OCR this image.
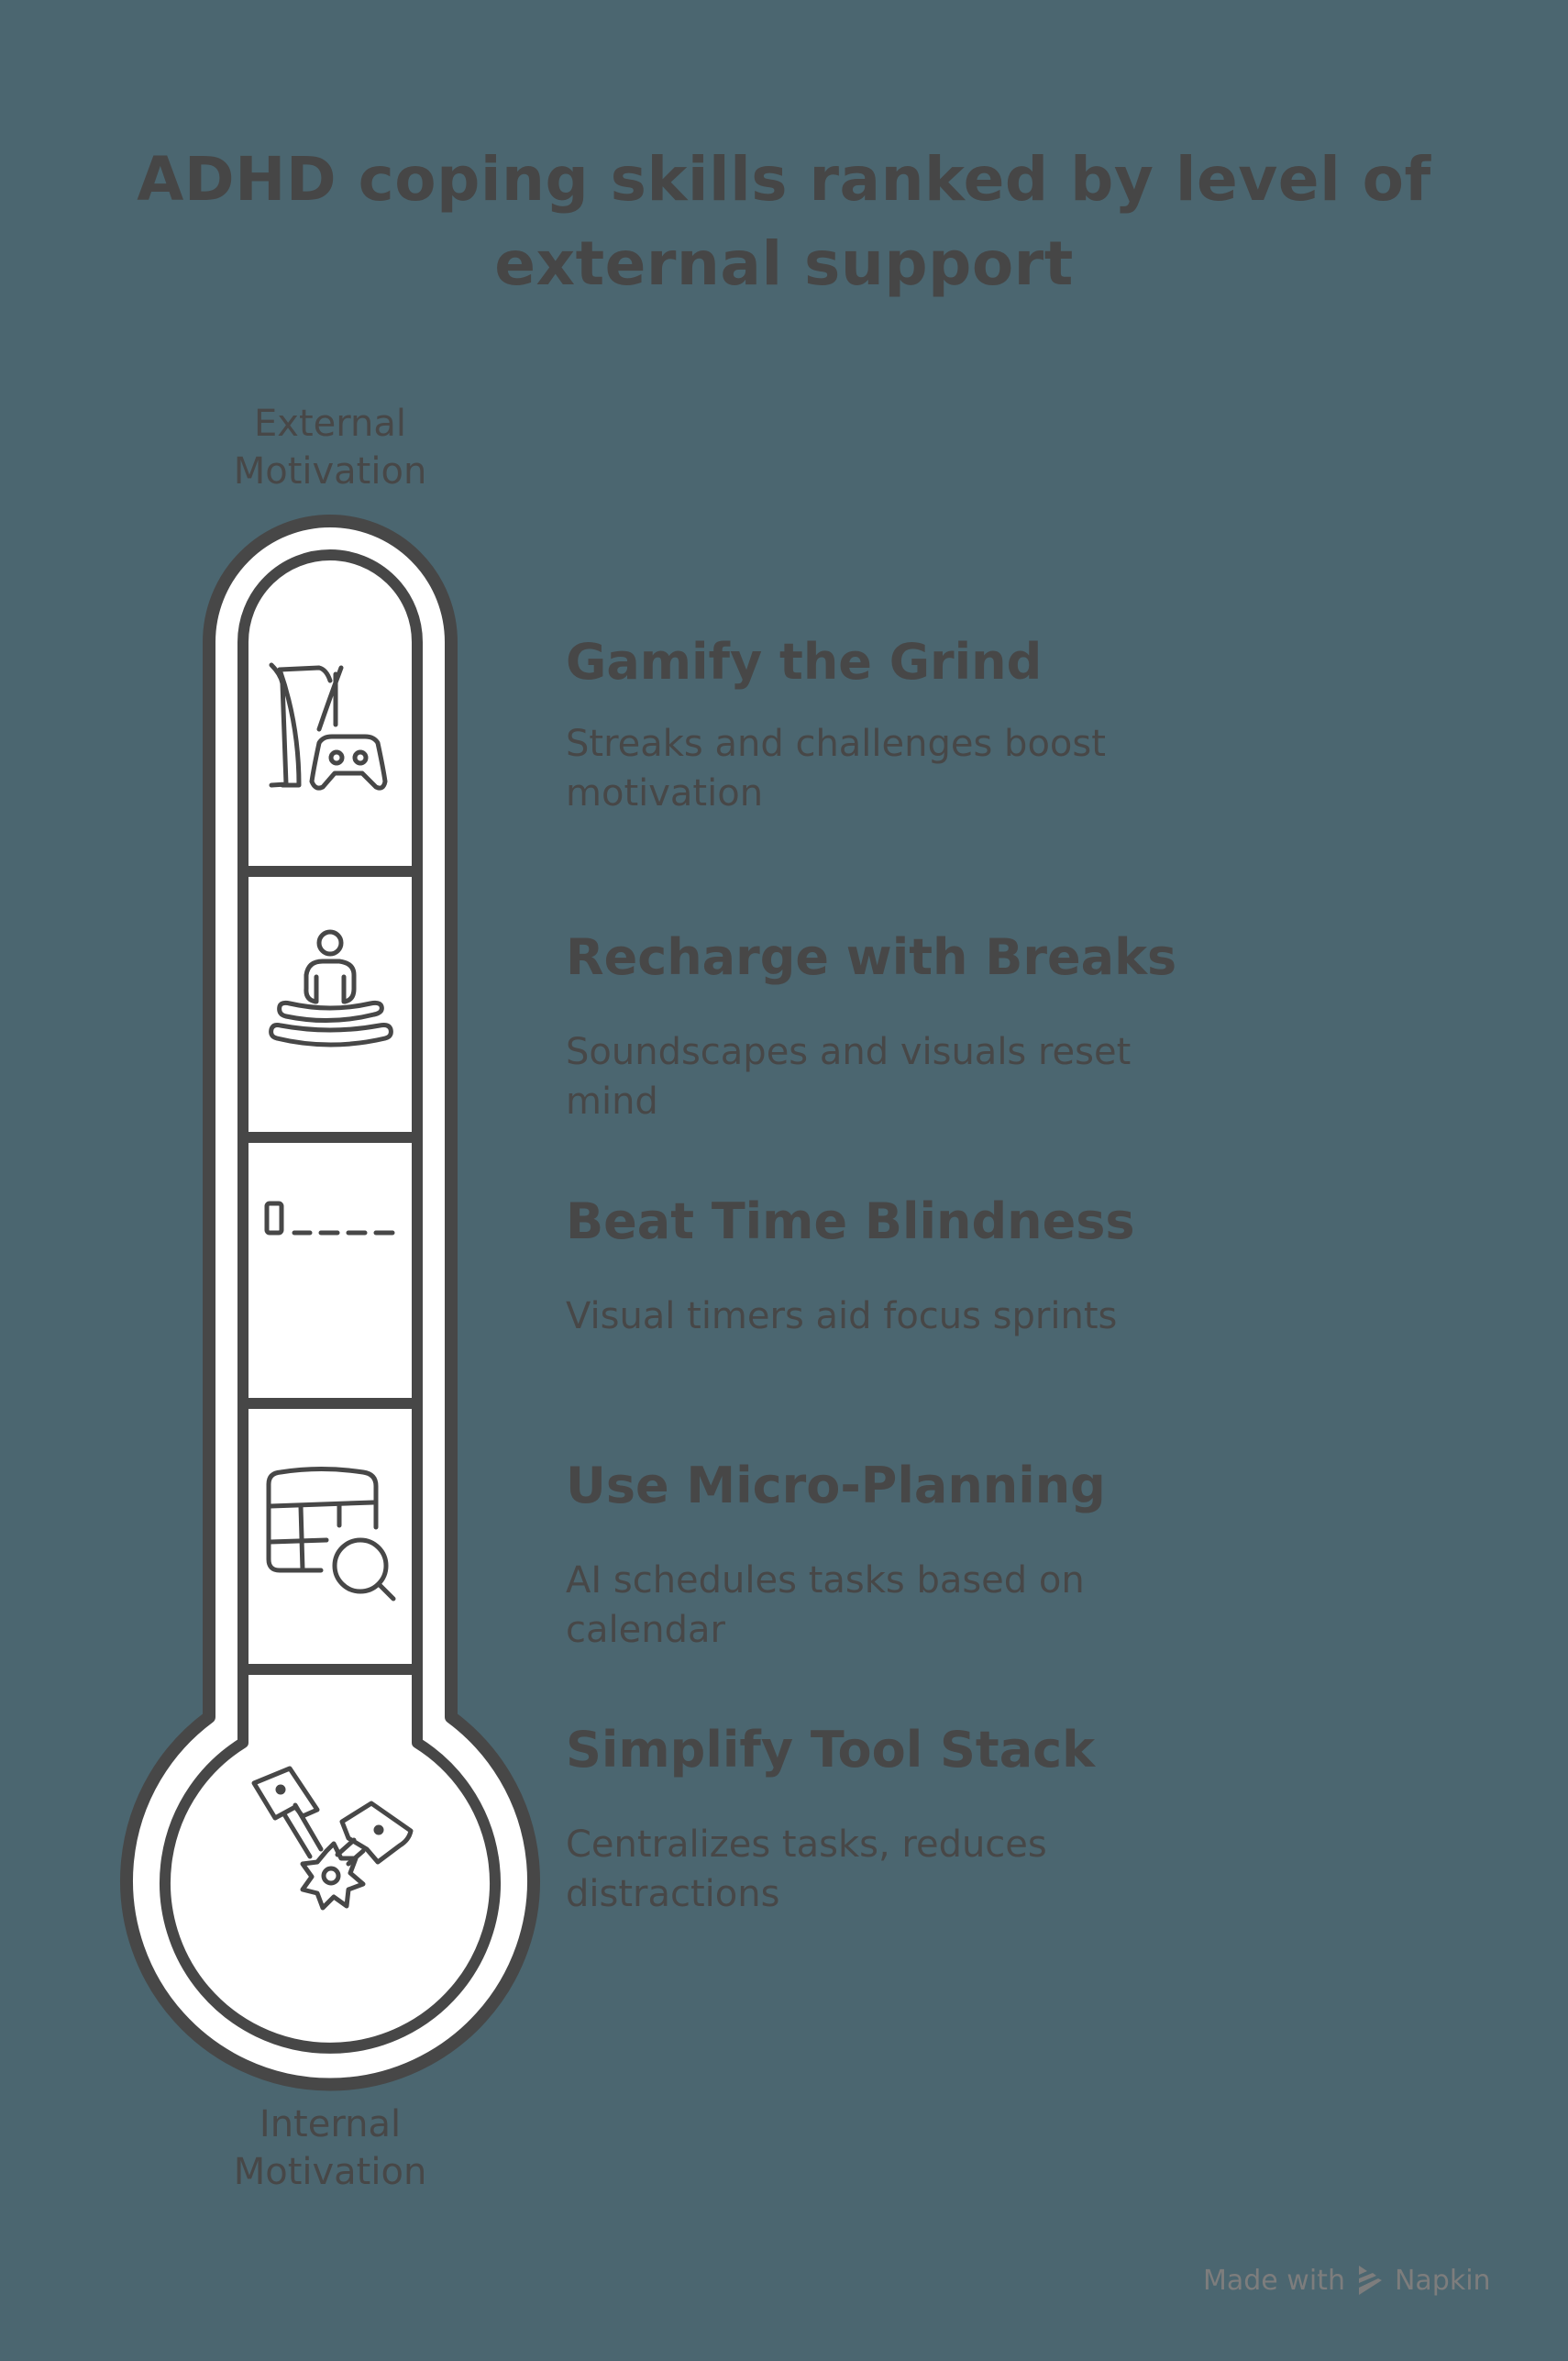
ADHD coping skills ranked by level of external support
External Motivation
Internal Motivation
Gamify the Grind
Streaks and challenges boost motivation
Recharge with Breaks
Soundscapes and visuals reset mind
Beat Time Blindness
Visual timers aid focus sprints
Use Micro-Planning
AI schedules tasks based on calendar
Simplify Tool Stack
Centralizes tasks, reduces distractions
Made with Napkin
